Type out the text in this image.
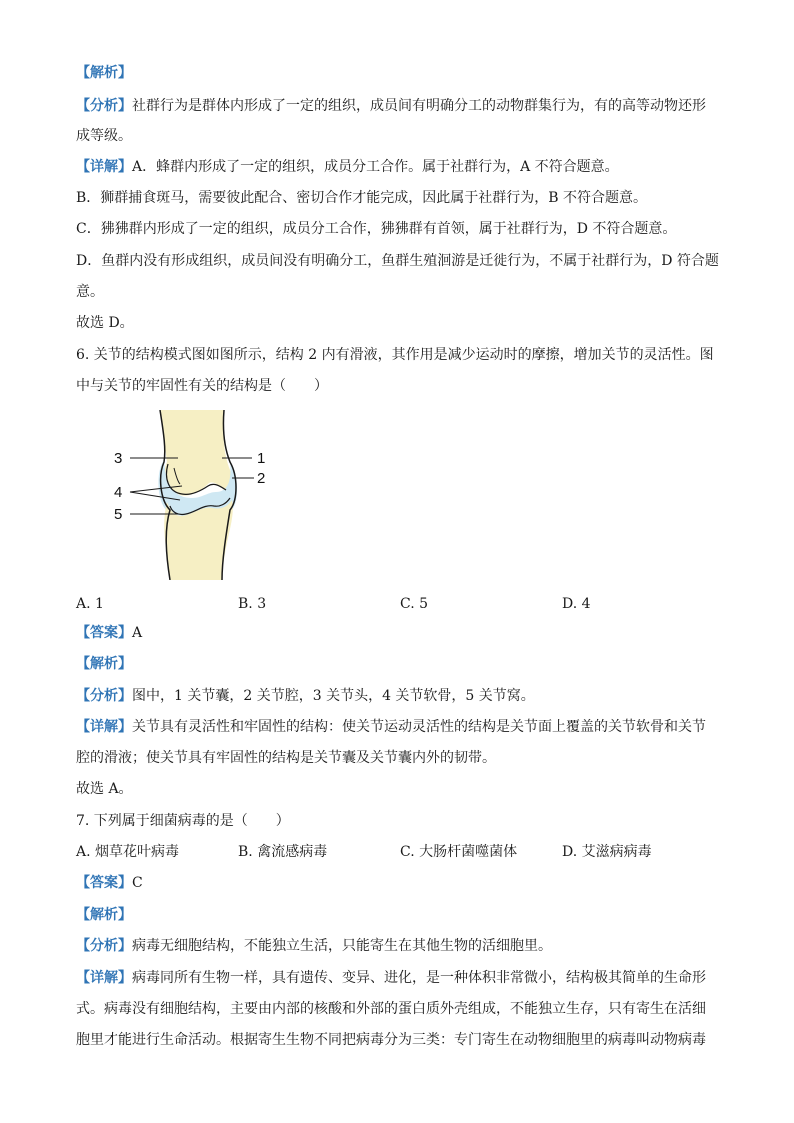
【解析】
【分析】社群行为是群体内形成了一定的组织，成员间有明确分工的动物群集行为，有的高等动物还形
成等级。
【详解】A．蜂群内形成了一定的组织，成员分工合作。属于社群行为，A 不符合题意。
B．狮群捕食斑马，需要彼此配合、密切合作才能完成，因此属于社群行为，B 不符合题意。
C．狒狒群内形成了一定的组织，成员分工合作，狒狒群有首领，属于社群行为，D 不符合题意。
D．鱼群内没有形成组织，成员间没有明确分工，鱼群生殖洄游是迁徙行为，不属于社群行为，D 符合题
意。
故选 D。
6. 关节的结构模式图如图所示，结构 2 内有滑液，其作用是减少运动时的摩擦，增加关节的灵活性。图
中与关节的牢固性有关的结构是（　　）
3	1
2
4
5
A. 1	B. 3	C. 5	D. 4
【答案】A
【解析】
【分析】图中，1 关节囊，2 关节腔，3 关节头，4 关节软骨，5 关节窝。
【详解】关节具有灵活性和牢固性的结构：使关节运动灵活性的结构是关节面上覆盖的关节软骨和关节
腔的滑液；使关节具有牢固性的结构是关节囊及关节囊内外的韧带。
故选 A。
7. 下列属于细菌病毒的是（　　）
A. 烟草花叶病毒	B. 禽流感病毒	C. 大肠杆菌噬菌体	D. 艾滋病病毒
【答案】C
【解析】
【分析】病毒无细胞结构，不能独立生活，只能寄生在其他生物的活细胞里。
【详解】病毒同所有生物一样，具有遗传、变异、进化，是一种体积非常微小，结构极其简单的生命形
式。病毒没有细胞结构，主要由内部的核酸和外部的蛋白质外壳组成，不能独立生存，只有寄生在活细
胞里才能进行生命活动。根据寄生生物不同把病毒分为三类：专门寄生在动物细胞里的病毒叫动物病毒
